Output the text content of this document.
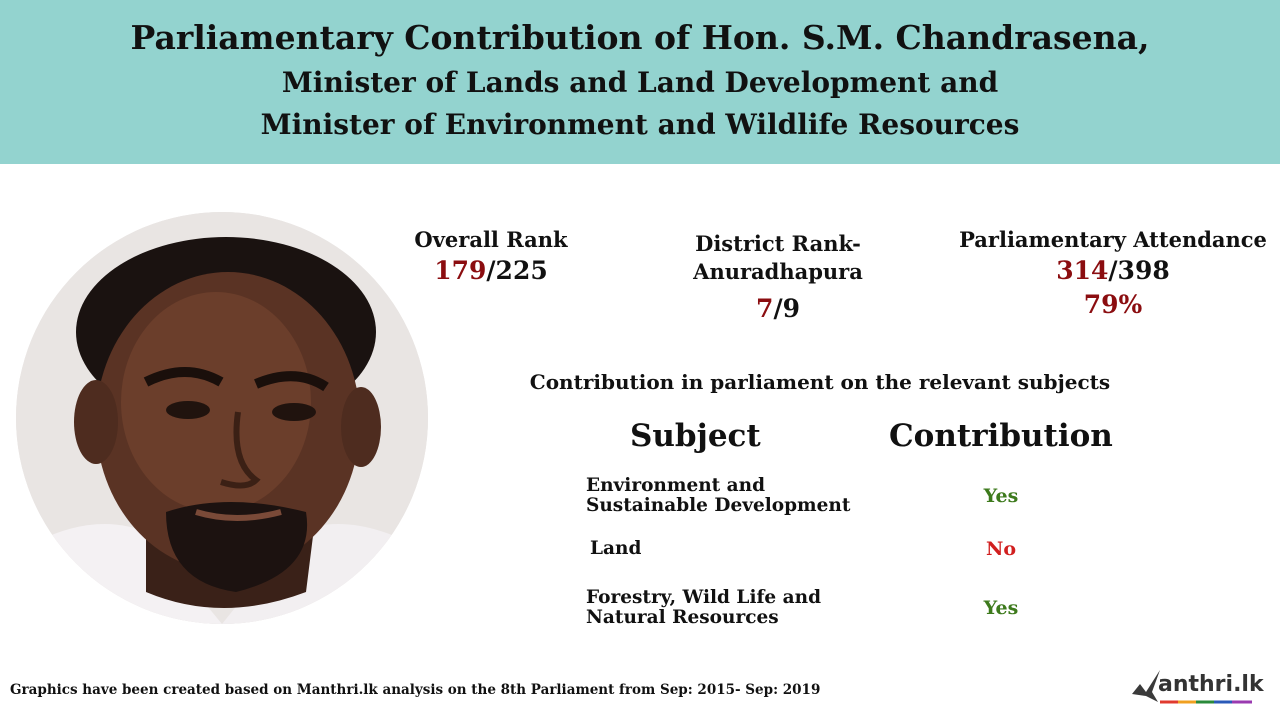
Parliamentary Contribution of Hon. S.M. Chandrasena,
Minister of Lands and Land Development and
Minister of Environment and Wildlife Resources
Overall Rank
179/225
District Rank-
Anuradhapura
7/9
Parliamentary Attendance
314/398
79%
Contribution in parliament on the relevant subjects
Subject	Contribution
Environment and
Sustainable Development	Yes
Land	No
Forestry, Wild Life and
Natural Resources	Yes
Graphics have been created based on Manthri.lk analysis on the 8th Parliament from Sep: 2015- Sep: 2019	anthri.lk
